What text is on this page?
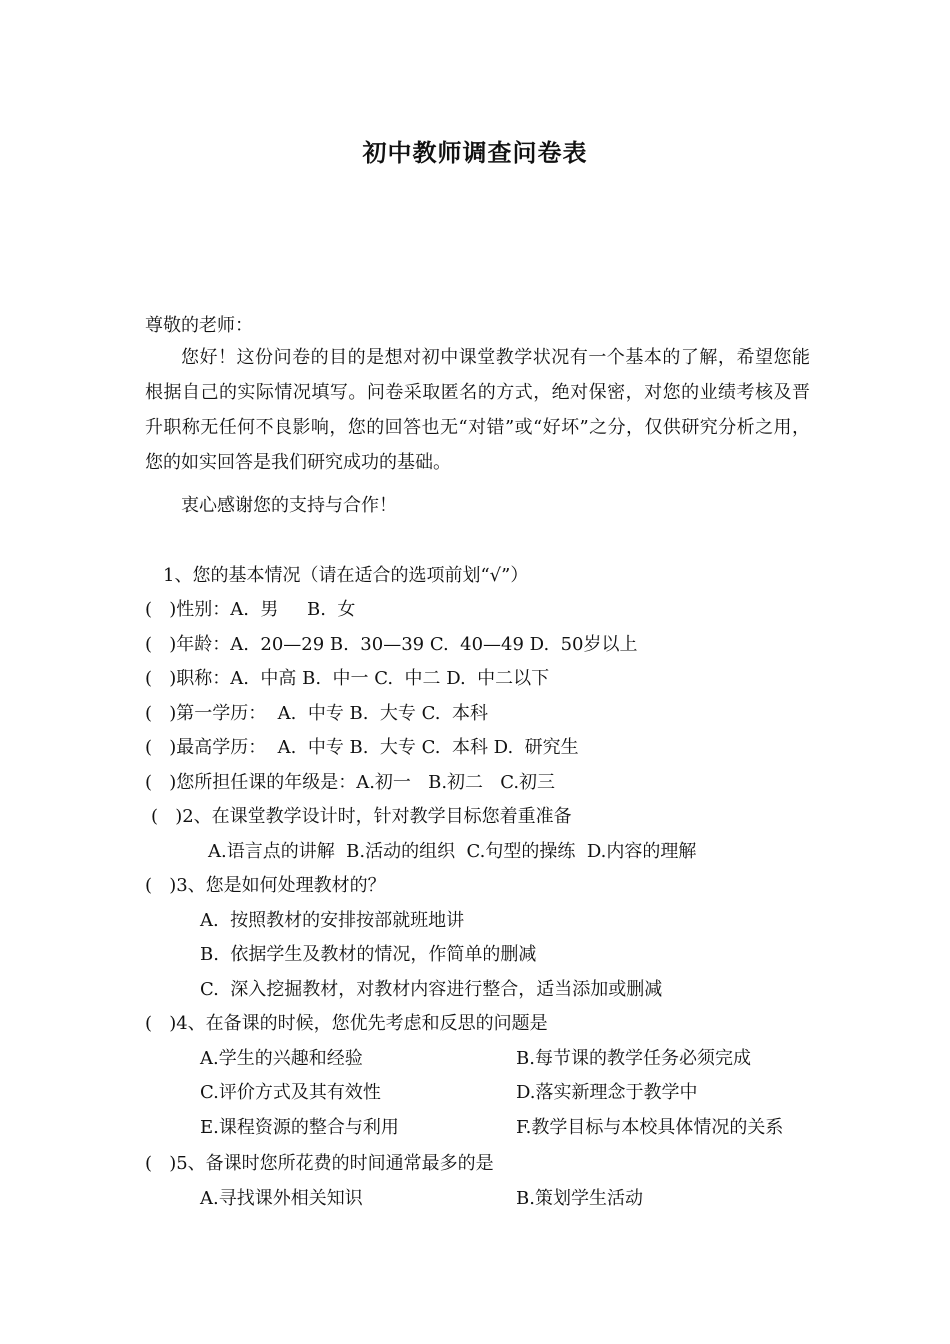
初中教师调查问卷表
尊敬的老师：
您好！这份问卷的目的是想对初中课堂教学状况有一个基本的了解，希望您能根据自己的实际情况填写。问卷采取匿名的方式，绝对保密，对您的业绩考核及晋升职称无任何不良影响，您的回答也无“对错”或“好坏”之分，仅供研究分析之用，您的如实回答是我们研究成功的基础。
衷心感谢您的支持与合作！
1、您的基本情况（请在适合的选项前划“√”）
(   )性别：A.  男     B.  女
(   )年龄：A.  20—29 B.  30—39 C.  40—49 D.  50岁以上
(   )职称：A.  中高 B.  中一 C.  中二 D.  中二以下
(   )第一学历：  A.  中专 B.  大专 C.  本科
(   )最高学历：  A.  中专 B.  大专 C.  本科 D.  研究生
(   )您所担任课的年级是：A.初一   B.初二   C.初三
(   )2、在课堂教学设计时，针对教学目标您着重准备
A.语言点的讲解  B.活动的组织  C.句型的操练  D.内容的理解
(   )3、您是如何处理教材的？
A.  按照教材的安排按部就班地讲
B.  依据学生及教材的情况，作简单的删减
C.  深入挖掘教材，对教材内容进行整合，适当添加或删减
(   )4、在备课的时候，您优先考虑和反思的问题是
A.学生的兴趣和经验	B.每节课的教学任务必须完成
C.评价方式及其有效性	D.落实新理念于教学中
E.课程资源的整合与利用	F.教学目标与本校具体情况的关系
(   )5、备课时您所花费的时间通常最多的是
A.寻找课外相关知识	B.策划学生活动
